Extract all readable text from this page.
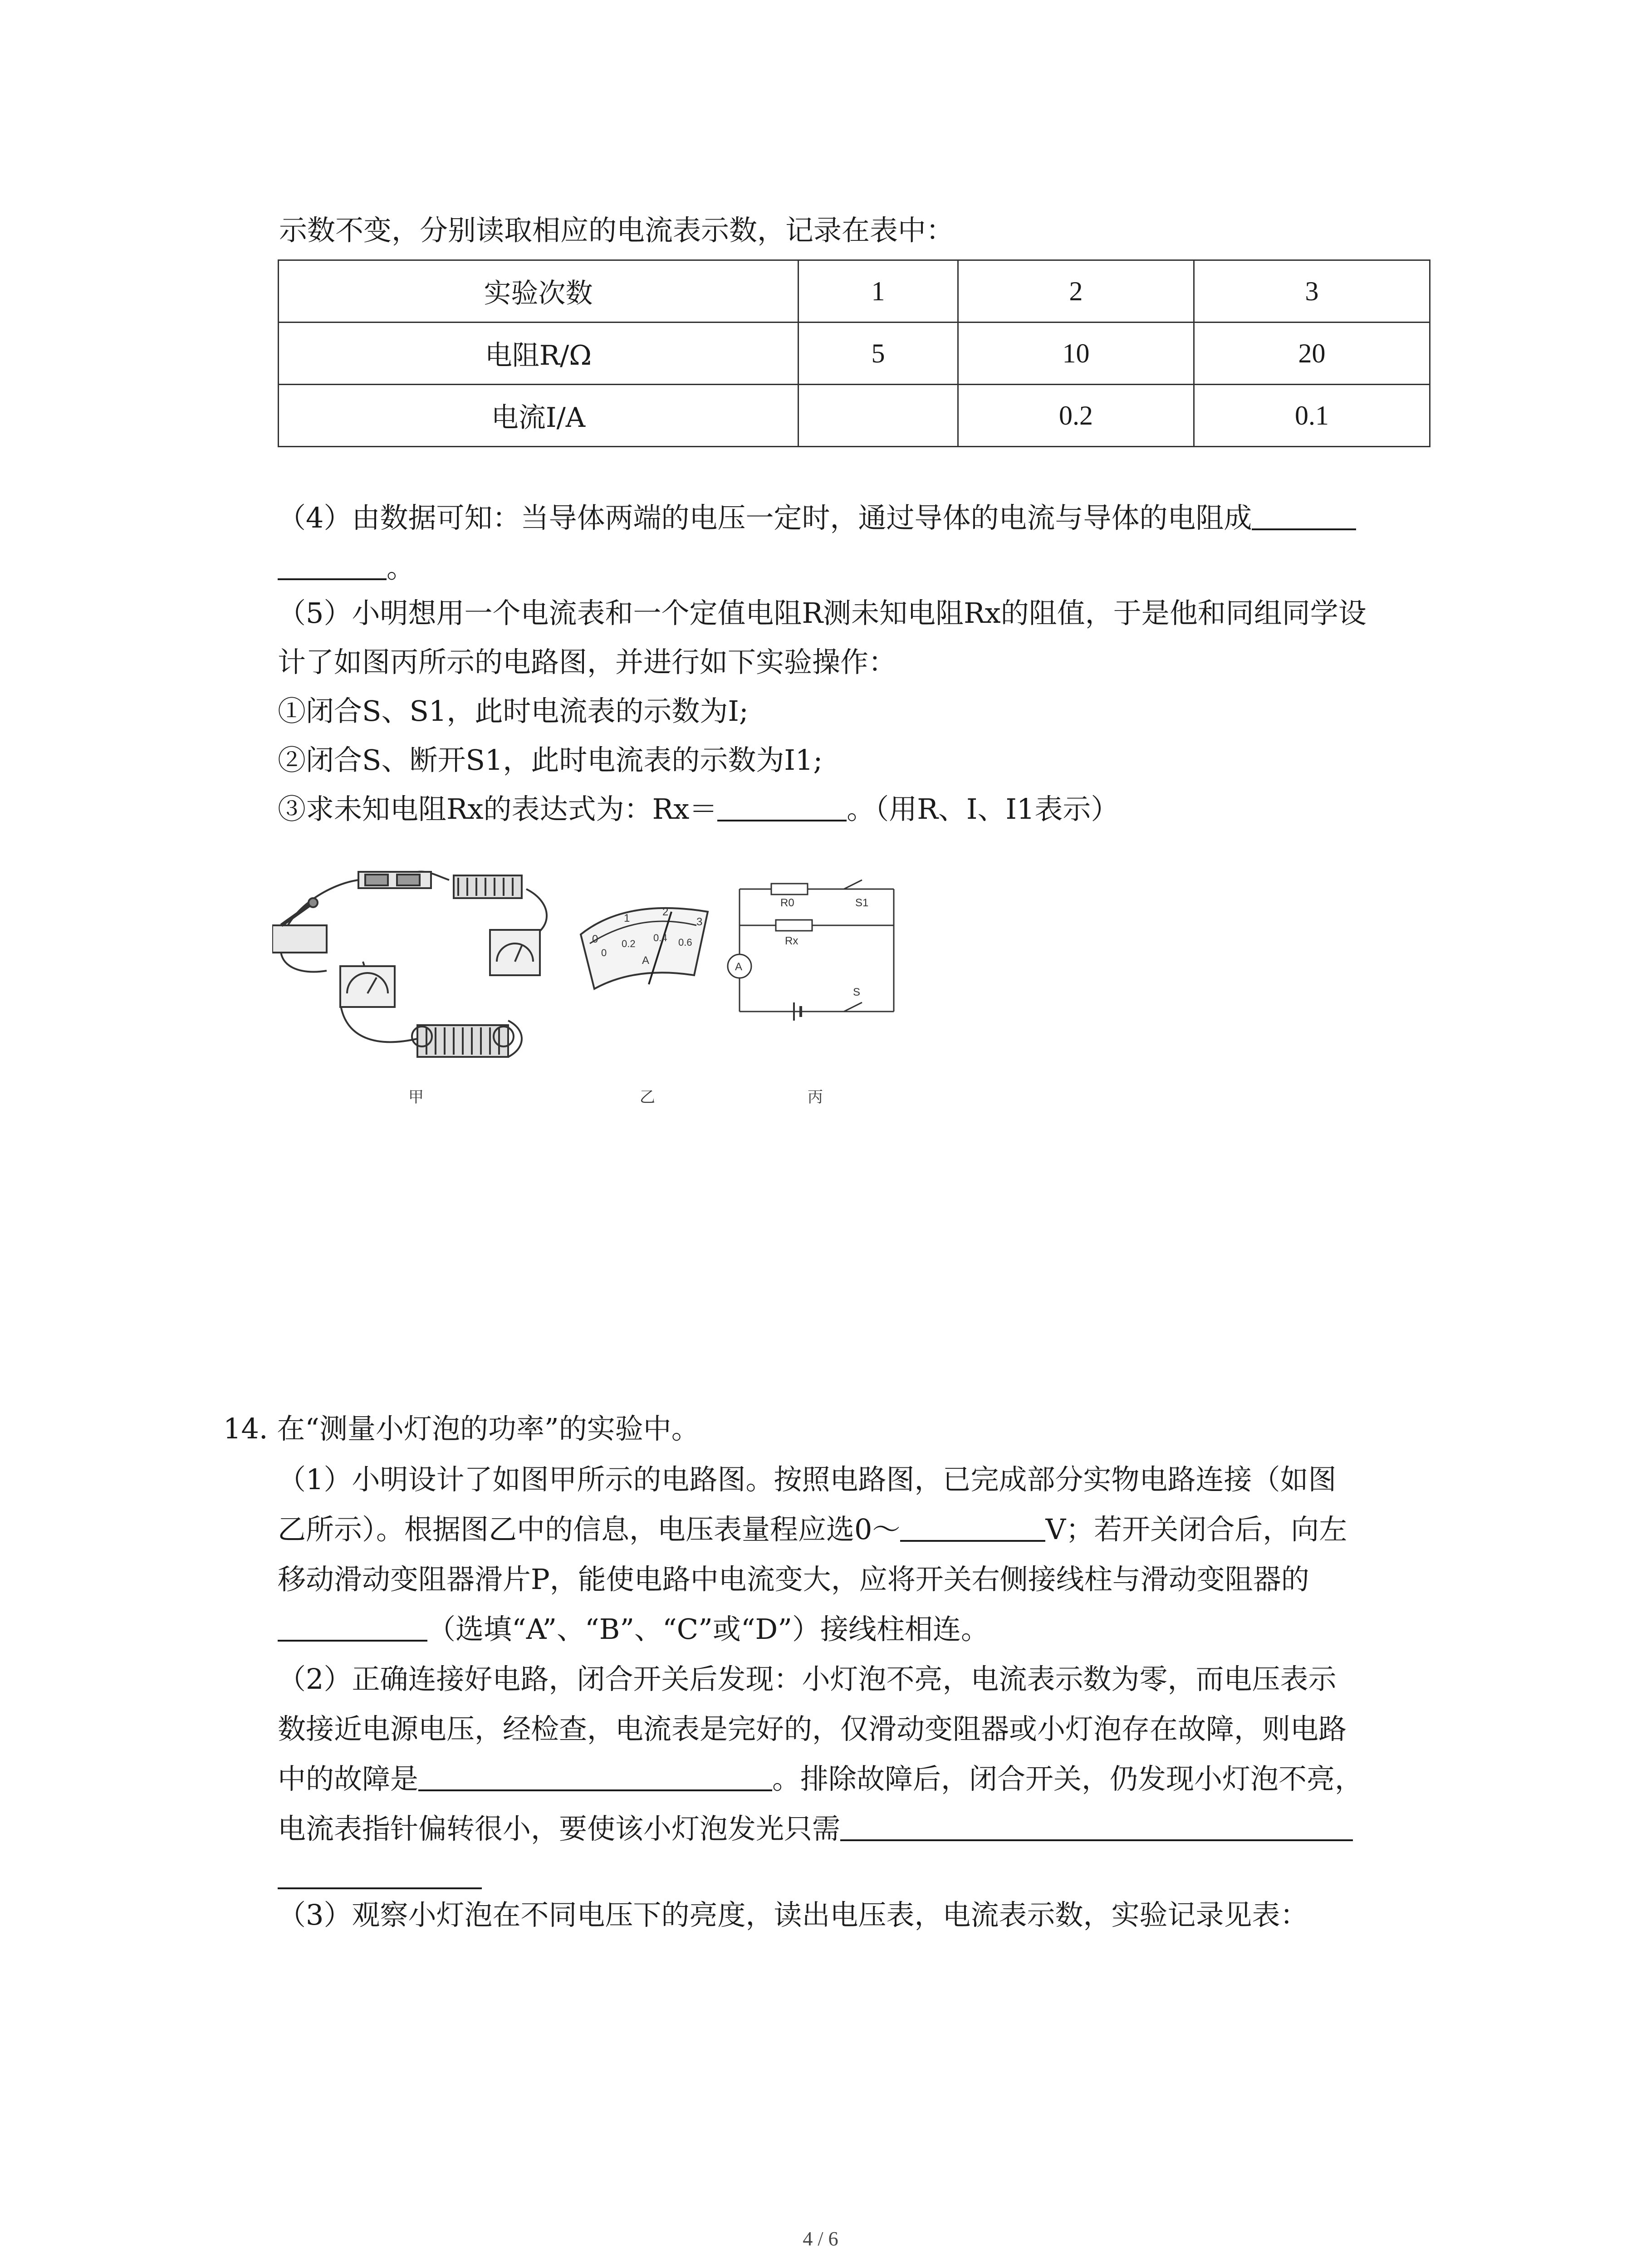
示数不变，分别读取相应的电流表示数，记录在表中：
实验次数	1	2	3
电阻R/Ω	5	10	20
电流I/A		0.2	0.1
（4）由数据可知：当导体两端的电压一定时，通过导体的电流与导体的电阻成
。
（5）小明想用一个电流表和一个定值电阻R测未知电阻Rx的阻值，于是他和同组同学设
计了如图丙所示的电路图，并进行如下实验操作：
①闭合S、S1，此时电流表的示数为I;
②闭合S、断开S1，此时电流表的示数为I1;
③求未知电阻Rx的表达式为：Rx＝	。（用R、I、I1表示）
0
1
2
3
0
0.2
0.4 0.6
A
R0	S1
Rx
A
S
甲	乙	丙
14. 在“测量小灯泡的功率”的实验中。
（1）小明设计了如图甲所示的电路图。按照电路图，已完成部分实物电路连接（如图
乙所示）。根据图乙中的信息，电压表量程应选0～	V；若开关闭合后，向左
移动滑动变阻器滑片P，能使电路中电流变大，应将开关右侧接线柱与滑动变阻器的
（选填“A”、“B”、“C”或“D”）接线柱相连。
（2）正确连接好电路，闭合开关后发现：小灯泡不亮，电流表示数为零，而电压表示
数接近电源电压，经检查，电流表是完好的，仅滑动变阻器或小灯泡存在故障，则电路
中的故障是	。排除故障后，闭合开关，仍发现小灯泡不亮，
电流表指针偏转很小，要使该小灯泡发光只需
（3）观察小灯泡在不同电压下的亮度，读出电压表，电流表示数，实验记录见表：
4 / 6
